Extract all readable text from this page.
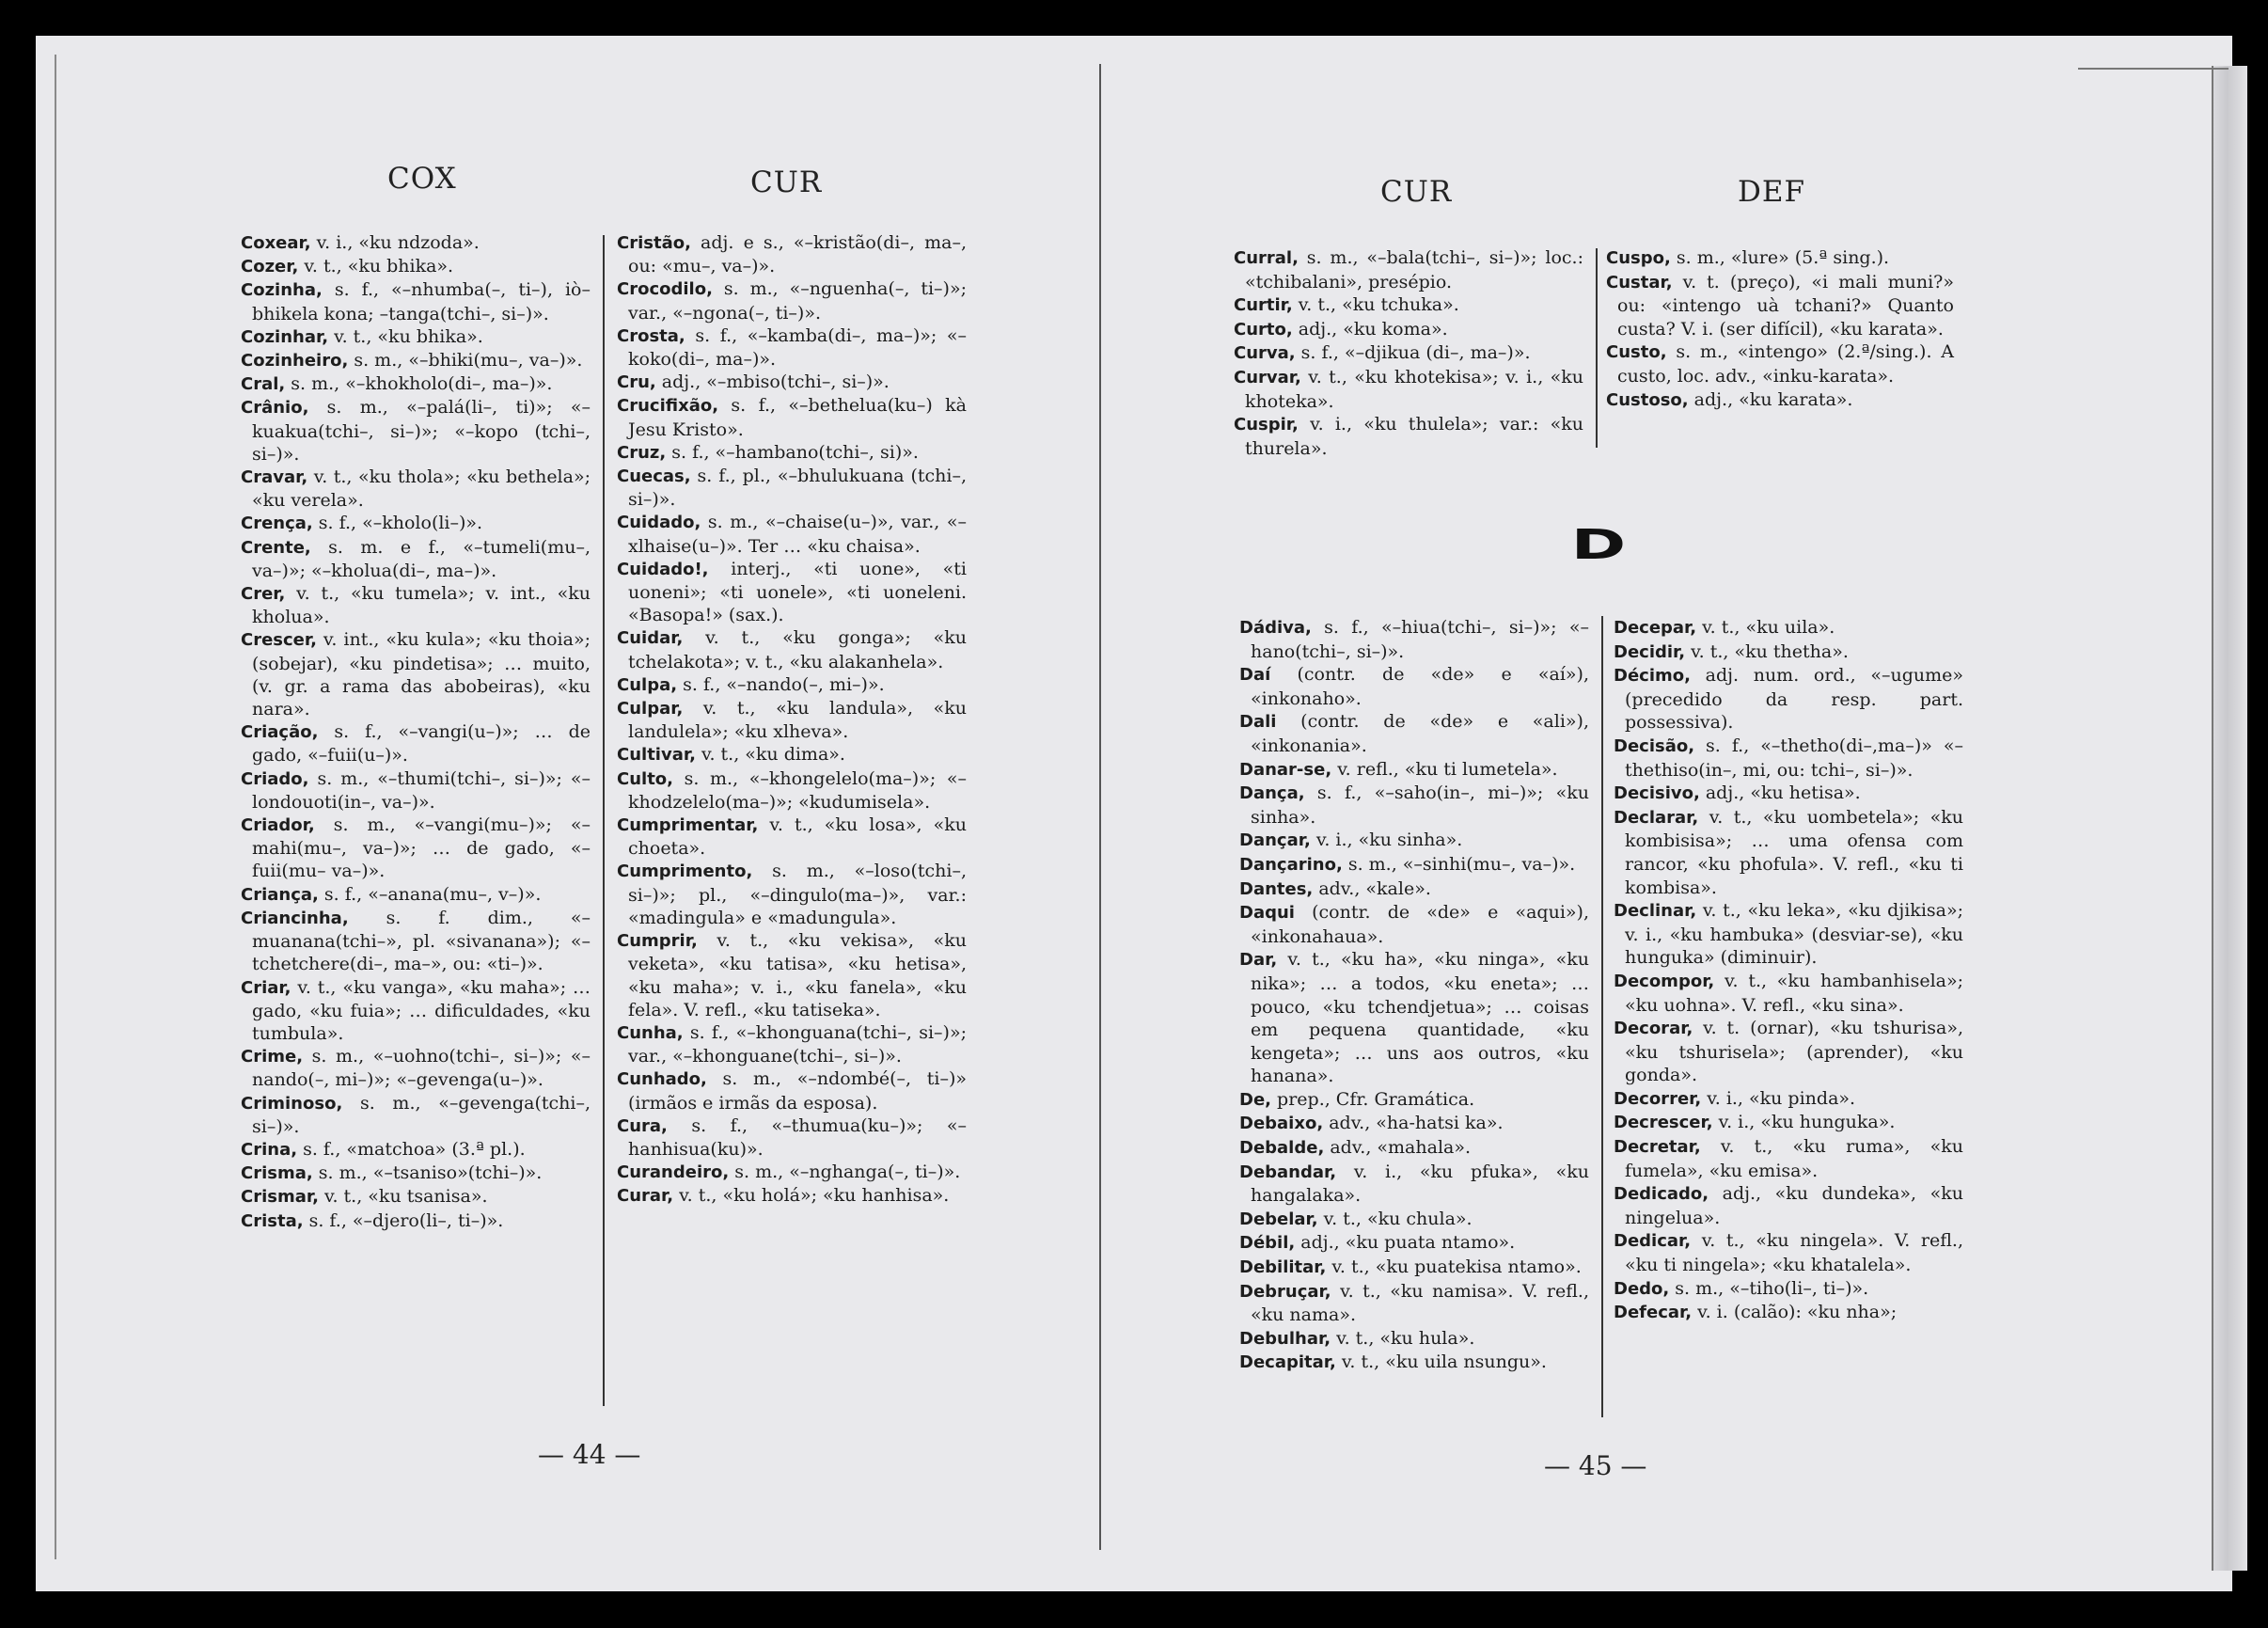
COX	CUR

Coxear, v. i., «ku ndzoda».

Cozer, v. t., «ku bhika».

Cozinha, s. f., «–nhumba(–, ti–), iò–bhikela kona; –tanga(tchi–, si–)».

Cozinhar, v. t., «ku bhika».

Cozinheiro, s. m., «–bhiki(mu–, va–)».

Cral, s. m., «–khokholo(di–, ma–)».

Crânio, s. m., «–palá(li–, ti)»; «–kuakua(tchi–, si–)»; «–kopo (tchi–, si–)».

Cravar, v. t., «ku thola»; «ku bethela»; «ku verela».

Crença, s. f., «–kholo(li–)».

Crente, s. m. e f., «–tumeli(mu–, va–)»; «–kholua(di–, ma–)».

Crer, v. t., «ku tumela»; v. int., «ku kholua».

Crescer, v. int., «ku kula»; «ku thoia»; (sobejar), «ku pindetisa»; … muito, (v. gr. a rama das abobeiras), «ku nara».

Criação, s. f., «–vangi(u–)»; … de gado, «–fuii(u–)».

Criado, s. m., «–thumi(tchi–, si–)»; «– londouoti(in–, va–)».

Criador, s. m., «–vangi(mu–)»; «–mahi(mu–, va–)»; … de gado, «–fuii(mu– va–)».

Criança, s. f., «–anana(mu–, v–)».

Criancinha, s. f. dim., «–muanana(tchi–», pl. «sivanana»); «–tchetchere(di–, ma–», ou: «ti–)».

Criar, v. t., «ku vanga», «ku maha»; … gado, «ku fuia»; … dificuldades, «ku tumbula».

Crime, s. m., «–uohno(tchi–, si–)»; «–nando(–, mi–)»; «–gevenga(u–)».

Criminoso, s. m., «–gevenga(tchi–, si–)».

Crina, s. f., «matchoa» (3.ª pl.).

Crisma, s. m., «–tsaniso»(tchi–)».

Crismar, v. t., «ku tsanisa».

Crista, s. f., «–djero(li–, ti–)».

Cristão, adj. e s., «–kristão(di–, ma–, ou: «mu–, va–)».

Crocodilo, s. m., «–nguenha(–, ti–)»; var., «–ngona(–, ti–)».

Crosta, s. f., «–kamba(di–, ma–)»; «–koko(di–, ma–)».

Cru, adj., «–mbiso(tchi–, si–)».

Crucifixão, s. f., «–bethelua(ku–) kà Jesu Kristo».

Cruz, s. f., «–hambano(tchi–, si)».

Cuecas, s. f., pl., «–bhulukuana (tchi–, si–)».

Cuidado, s. m., «–chaise(u–)», var., «–xlhaise(u–)». Ter … «ku chaisa».

Cuidado!, interj., «ti uone», «ti uoneni»; «ti uonele», «ti uoneleni. «Basopa!» (sax.).

Cuidar, v. t., «ku gonga»; «ku tchelakota»; v. t., «ku alakanhela».

Culpa, s. f., «–nando(–, mi–)».

Culpar, v. t., «ku landula», «ku landulela»; «ku xlheva».

Cultivar, v. t., «ku dima».

Culto, s. m., «–khongelelo(ma–)»; «–khodzelelo(ma–)»; «kudumisela».

Cumprimentar, v. t., «ku losa», «ku choeta».

Cumprimento, s. m., «–loso(tchi–, si–)»; pl., «–dingulo(ma–)», var.: «madingula» e «madungula».

Cumprir, v. t., «ku vekisa», «ku veketa», «ku tatisa», «ku hetisa», «ku maha»; v. i., «ku fanela», «ku fela». V. refl., «ku tatiseka».

Cunha, s. f., «–khonguana(tchi–, si–)»; var., «–khonguane(tchi–, si–)».

Cunhado, s. m., «–ndombé(–, ti–)» (irmãos e irmãs da esposa).

Cura, s. f., «–thumua(ku–)»; «–hanhisua(ku)».

Curandeiro, s. m., «–nghanga(–, ti–)».

Curar, v. t., «ku holá»; «ku hanhisa».

— 44 —
CUR	DEF

Curral, s. m., «–bala(tchi–, si–)»; loc.: «tchibalani», presépio.

Curtir, v. t., «ku tchuka».

Curto, adj., «ku koma».

Curva, s. f., «–djikua (di–, ma–)».

Curvar, v. t., «ku khotekisa»; v. i., «ku khoteka».

Cuspir, v. i., «ku thulela»; var.: «ku thurela».

Cuspo, s. m., «lure» (5.ª sing.).

Custar, v. t. (preço), «i mali muni?» ou: «intengo uà tchani?» Quanto custa? V. i. (ser difícil), «ku karata».

Custo, s. m., «intengo» (2.ª/sing.). A custo, loc. adv., «inku-karata».

Custoso, adj., «ku karata».

D

Dádiva, s. f., «–hiua(tchi–, si–)»; «–hano(tchi–, si–)».

Daí (contr. de «de» e «aí»), «inkonaho».

Dali (contr. de «de» e «ali»), «inkonania».

Danar-se, v. refl., «ku ti lumetela».

Dança, s. f., «–saho(in–, mi–)»; «ku sinha».

Dançar, v. i., «ku sinha».

Dançarino, s. m., «–sinhi(mu–, va–)».

Dantes, adv., «kale».

Daqui (contr. de «de» e «aqui»), «inkonahaua».

Dar, v. t., «ku ha», «ku ninga», «ku nika»; … a todos, «ku enetа»; … pouco, «ku tchendjetua»; … coisas em pequena quantidade, «ku kengeta»; … uns aos outros, «ku hanana».

De, prep., Cfr. Gramática.

Debaixo, adv., «ha-hatsi ka».

Debalde, adv., «mahala».

Debandar, v. i., «ku pfuka», «ku hangalaka».

Debelar, v. t., «ku chula».

Débil, adj., «ku puata ntamo».

Debilitar, v. t., «ku puatekisa ntamo».

Debruçar, v. t., «ku namisa». V. refl., «ku nama».

Debulhar, v. t., «ku hula».

Decapitar, v. t., «ku uila nsungu».

Decepar, v. t., «ku uila».

Decidir, v. t., «ku thetha».

Décimo, adj. num. ord., «–ugume» (precedido da resp. part. possessiva).

Decisão, s. f., «–thetho(di–,ma–)» «–thethiso(in–, mi, ou: tchi–, si–)».

Decisivo, adj., «ku hetisa».

Declarar, v. t., «ku uombetela»; «ku kombisisa»; … uma ofensa com rancor, «ku phofula». V. refl., «ku ti kombisa».

Declinar, v. t., «ku leka», «ku djikisa»; v. i., «ku hambuka» (desviar-se), «ku hunguka» (diminuir).

Decompor, v. t., «ku hambanhisela»; «ku uohna». V. refl., «ku sina».

Decorar, v. t. (ornar), «ku tshurisa», «ku tshurisela»; (aprender), «ku gonda».

Decorrer, v. i., «ku pinda».

Decrescer, v. i., «ku hunguka».

Decretar, v. t., «ku ruma», «ku fumela», «ku emisa».

Dedicado, adj., «ku dundeka», «ku ningelua».

Dedicar, v. t., «ku ningela». V. refl., «ku ti ningela»; «ku khatalela».

Dedo, s. m., «–tiho(li–, ti–)».

Defecar, v. i. (calão): «ku nha»;

— 45 —
